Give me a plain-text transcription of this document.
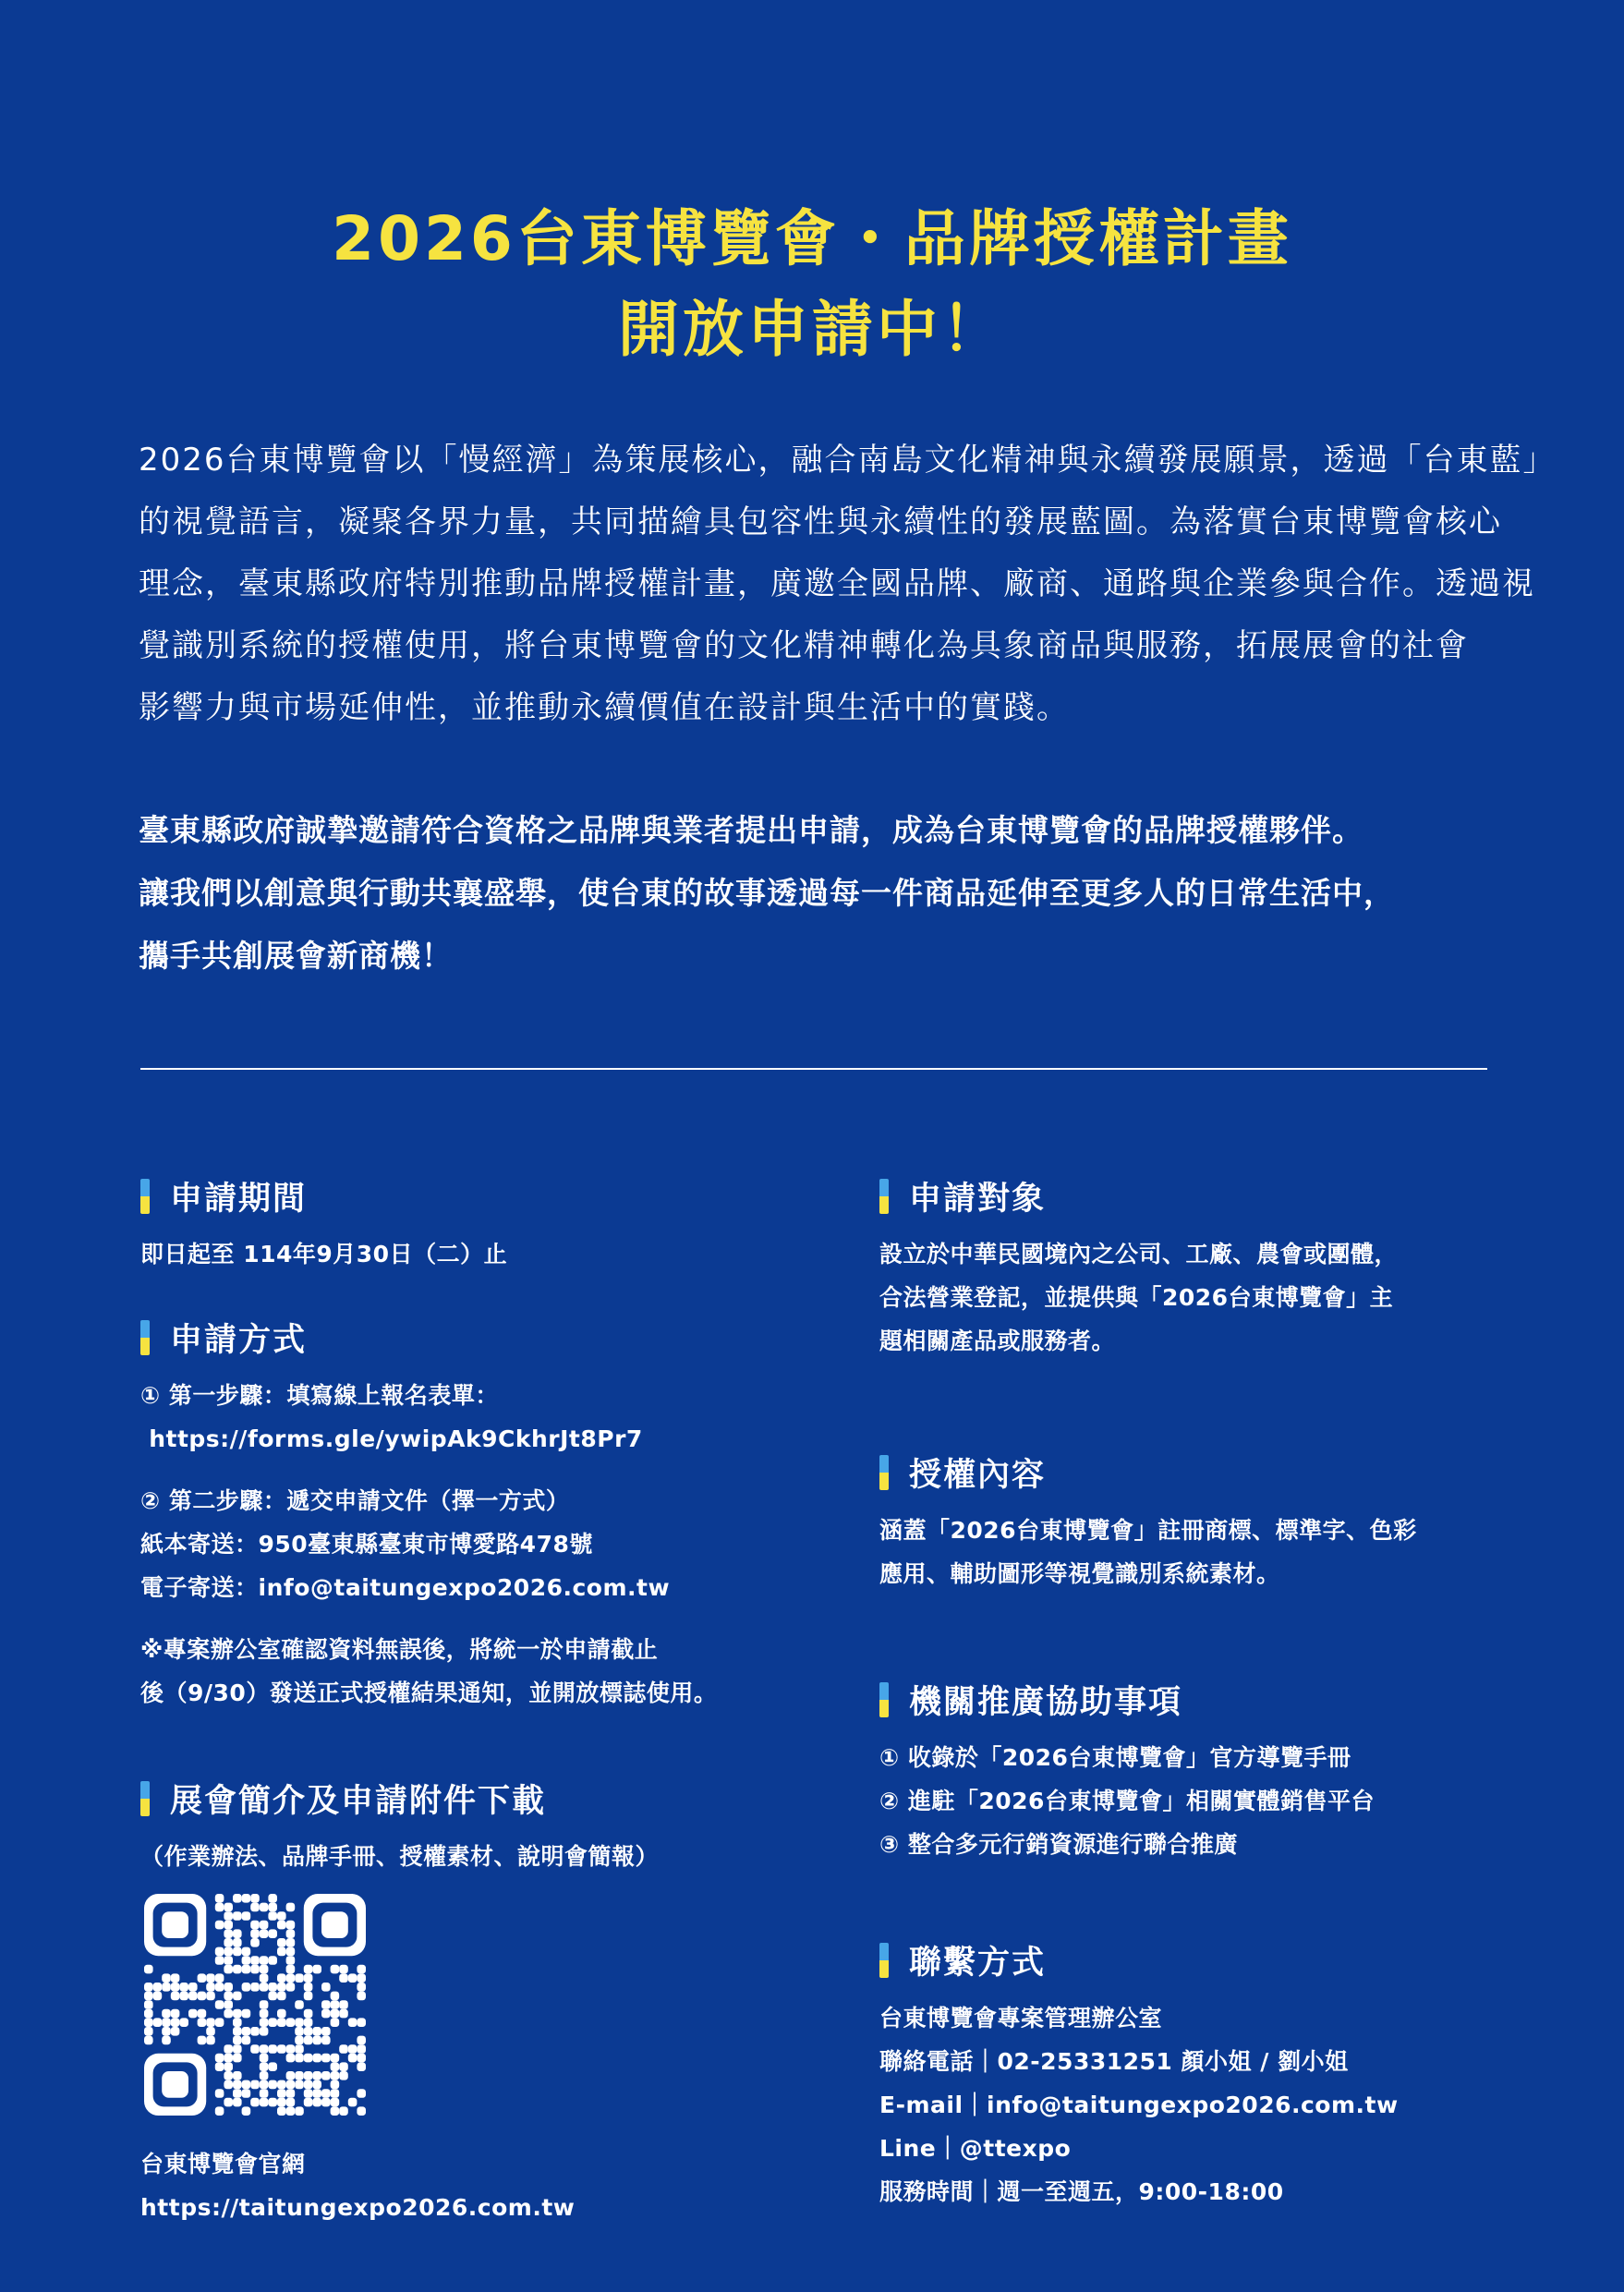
2026台東博覽會・品牌授權計畫
開放申請中！
2026台東博覽會以「慢經濟」為策展核心，融合南島文化精神與永續發展願景，透過「台東藍」
的視覺語言，凝聚各界力量，共同描繪具包容性與永續性的發展藍圖。為落實台東博覽會核心
理念，臺東縣政府特別推動品牌授權計畫，廣邀全國品牌、廠商、通路與企業參與合作。透過視
覺識別系統的授權使用，將台東博覽會的文化精神轉化為具象商品與服務，拓展展會的社會
影響力與市場延伸性，並推動永續價值在設計與生活中的實踐。
臺東縣政府誠摯邀請符合資格之品牌與業者提出申請，成為台東博覽會的品牌授權夥伴。
讓我們以創意與行動共襄盛舉，使台東的故事透過每一件商品延伸至更多人的日常生活中，
攜手共創展會新商機！
申請期間
即日起至 114年9月30日（二）止
申請方式
① 第一步驟：填寫線上報名表單：
https://forms.gle/ywipAk9CkhrJt8Pr7
② 第二步驟：遞交申請文件（擇一方式）
紙本寄送：950臺東縣臺東市博愛路478號
電子寄送：info@taitungexpo2026.com.tw
※專案辦公室確認資料無誤後，將統一於申請截止
後（9/30）發送正式授權結果通知，並開放標誌使用。
展會簡介及申請附件下載
（作業辦法、品牌手冊、授權素材、說明會簡報）
台東博覽會官網
https://taitungexpo2026.com.tw
申請對象
設立於中華民國境內之公司、工廠、農會或團體，
合法營業登記，並提供與「2026台東博覽會」主
題相關產品或服務者。
授權內容
涵蓋「2026台東博覽會」註冊商標、標準字、色彩
應用、輔助圖形等視覺識別系統素材。
機關推廣協助事項
① 收錄於「2026台東博覽會」官方導覽手冊
② 進駐「2026台東博覽會」相關實體銷售平台
③ 整合多元行銷資源進行聯合推廣
聯繫方式
台東博覽會專案管理辦公室
聯絡電話｜02-25331251 顏小姐 / 劉小姐
E-mail｜info@taitungexpo2026.com.tw
Line｜@ttexpo
服務時間｜週一至週五，9:00-18:00
